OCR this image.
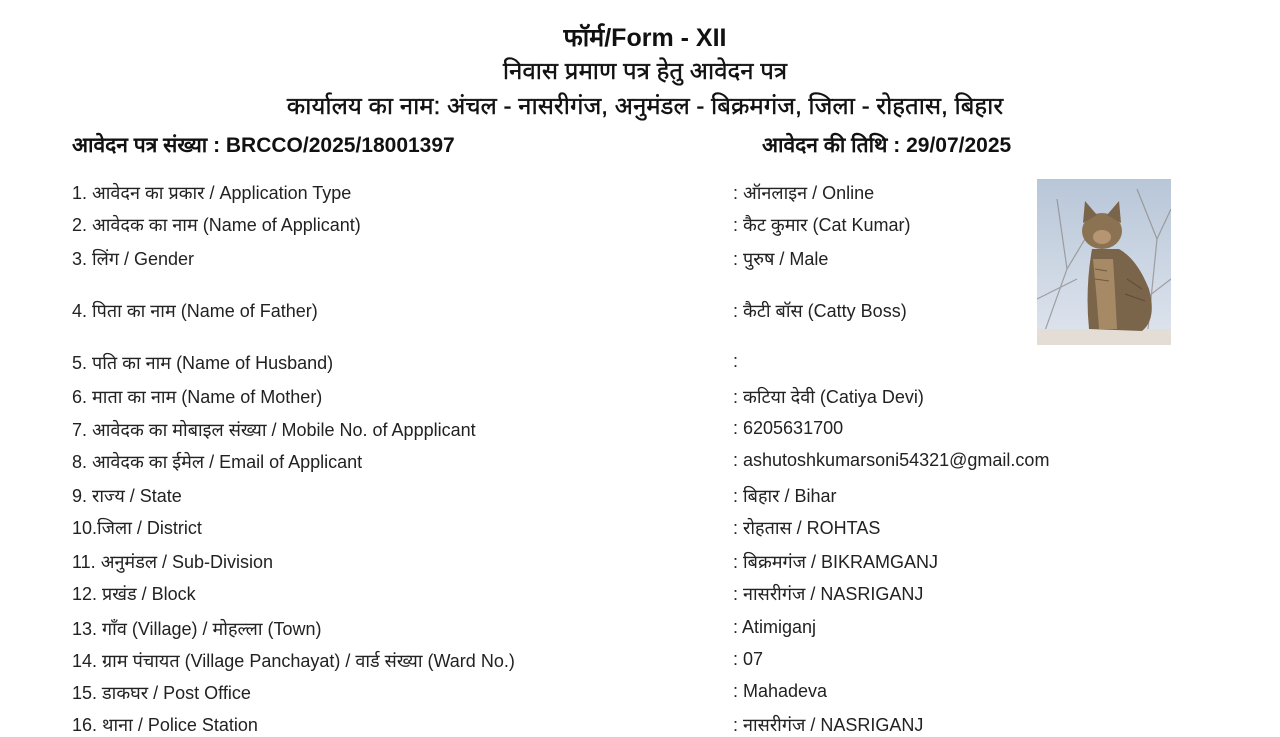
फॉर्म/Form - XII
निवास प्रमाण पत्र हेतु आवेदन पत्र
कार्यालय का नाम: अंचल - नासरीगंज, अनुमंडल - बिक्रमगंज, जिला - रोहतास, बिहार
आवेदन पत्र संख्या : BRCCO/2025/18001397	आवेदन की तिथि : 29/07/2025
1. आवेदन का प्रकार / Application Type	: ऑनलाइन / Online
2. आवेदक का नाम (Name of Applicant)	: कैट कुमार (Cat Kumar)
3. लिंग / Gender	: पुरुष / Male
4. पिता का नाम (Name of Father)	: कैटी बॉस (Catty Boss)
5. पति का नाम (Name of Husband)	:
6. माता का नाम (Name of Mother)	: कटिया देवी (Catiya Devi)
7. आवेदक का मोबाइल संख्या / Mobile No. of Appplicant	: 6205631700
8. आवेदक का ईमेल / Email of Applicant	: ashutoshkumarsoni54321@gmail.com
9. राज्य / State	: बिहार / Bihar
10.जिला / District	: रोहतास / ROHTAS
11. अनुमंडल / Sub-Division	: बिक्रमगंज / BIKRAMGANJ
12. प्रखंड / Block	: नासरीगंज / NASRIGANJ
13. गाँव (Village) / मोहल्ला (Town)	: Atimiganj
14. ग्राम पंचायत (Village Panchayat) / वार्ड संख्या (Ward No.)	: 07
15. डाकघर / Post Office	: Mahadeva
16. थाना / Police Station	: नासरीगंज / NASRIGANJ
